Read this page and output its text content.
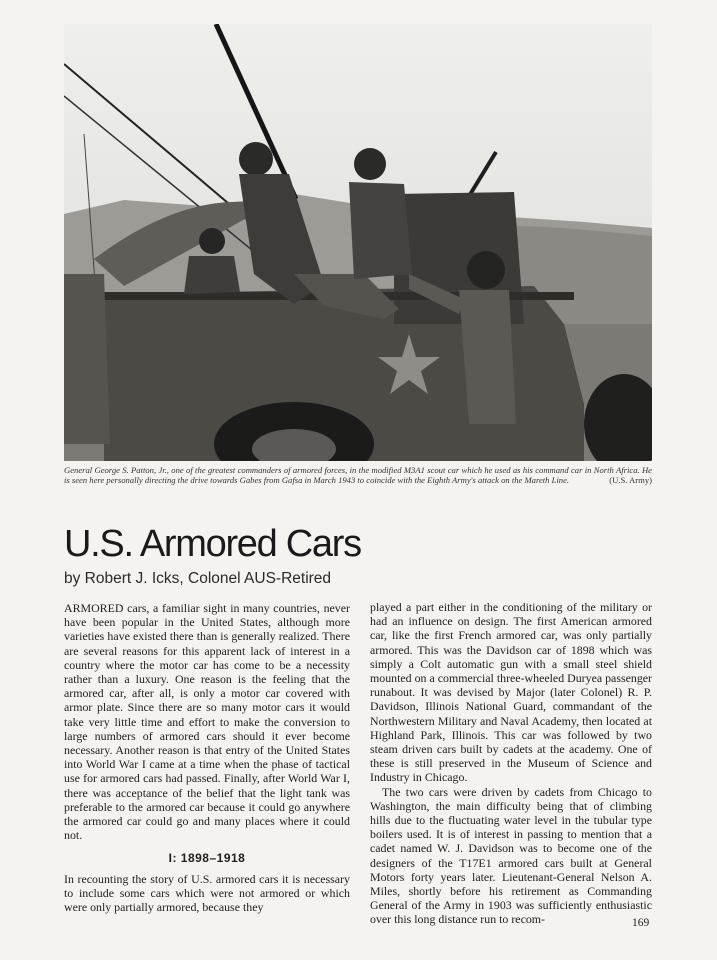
General George S. Patton, Jr., one of the greatest commanders of armored forces, in the modified M3A1 scout car which he used as his command car in North Africa. He is seen here personally directing the drive towards Gabes from Gafsa in March 1943 to coincide with the Eighth Army's attack on the Mareth Line.	(U.S. Army)
U.S. Armored Cars
by Robert J. Icks, Colonel AUS-Retired

ARMORED cars, a familiar sight in many countries, never have been popular in the United States, although more varieties have existed there than is generally realized. There are several reasons for this apparent lack of interest in a country where the motor car has come to be a necessity rather than a luxury. One reason is the feeling that the armored car, after all, is only a motor car covered with armor plate. Since there are so many motor cars it would take very little time and effort to make the conversion to large numbers of armored cars should it ever become necessary. Another reason is that entry of the United States into World War I came at a time when the phase of tactical use for armored cars had passed. Finally, after World War I, there was acceptance of the belief that the light tank was preferable to the armored car because it could go anywhere the armored car could go and many places where it could not.

I: 1898–1918

In recounting the story of U.S. armored cars it is necessary to include some cars which were not armored or which were only partially armored, because they

played a part either in the conditioning of the military or had an influence on design. The first American armored car, like the first French armored car, was only partially armored. This was the Davidson car of 1898 which was simply a Colt automatic gun with a small steel shield mounted on a commercial three-wheeled Duryea passenger runabout. It was devised by Major (later Colonel) R. P. Davidson, Illinois National Guard, commandant of the Northwestern Military and Naval Academy, then located at Highland Park, Illinois. This car was followed by two steam driven cars built by cadets at the academy. One of these is still preserved in the Museum of Science and Industry in Chicago.

The two cars were driven by cadets from Chicago to Washington, the main difficulty being that of climbing hills due to the fluctuating water level in the tubular type boilers used. It is of interest in passing to mention that a cadet named W. J. Davidson was to become one of the designers of the T17E1 armored cars built at General Motors forty years later. Lieutenant-General Nelson A. Miles, shortly before his retirement as Commanding General of the Army in 1903 was sufficiently enthusiastic over this long distance run to recom-	169
